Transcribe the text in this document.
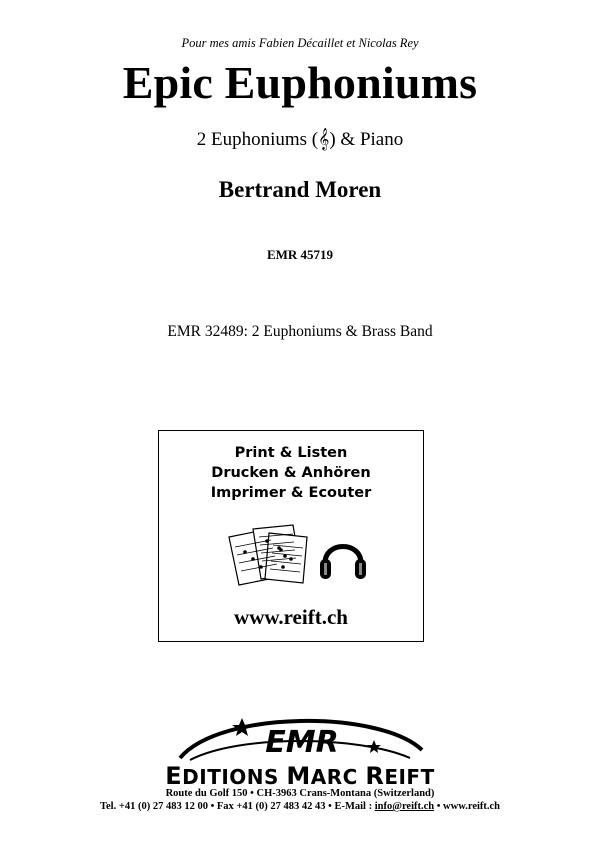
Pour mes amis Fabien Décaillet et Nicolas Rey
Epic Euphoniums
2 Euphoniums (𝄞) & Piano
Bertrand Moren
EMR 45719
EMR 32489: 2 Euphoniums & Brass Band
Print & Listen
Drucken & Anhören
Imprimer & Ecouter
www.reift.ch
EMR
EDITIONS MARC REIFT
Route du Golf 150 • CH-3963 Crans-Montana (Switzerland)
Tel. +41 (0) 27 483 12 00 • Fax +41 (0) 27 483 42 43 • E-Mail : info@reift.ch • www.reift.ch
